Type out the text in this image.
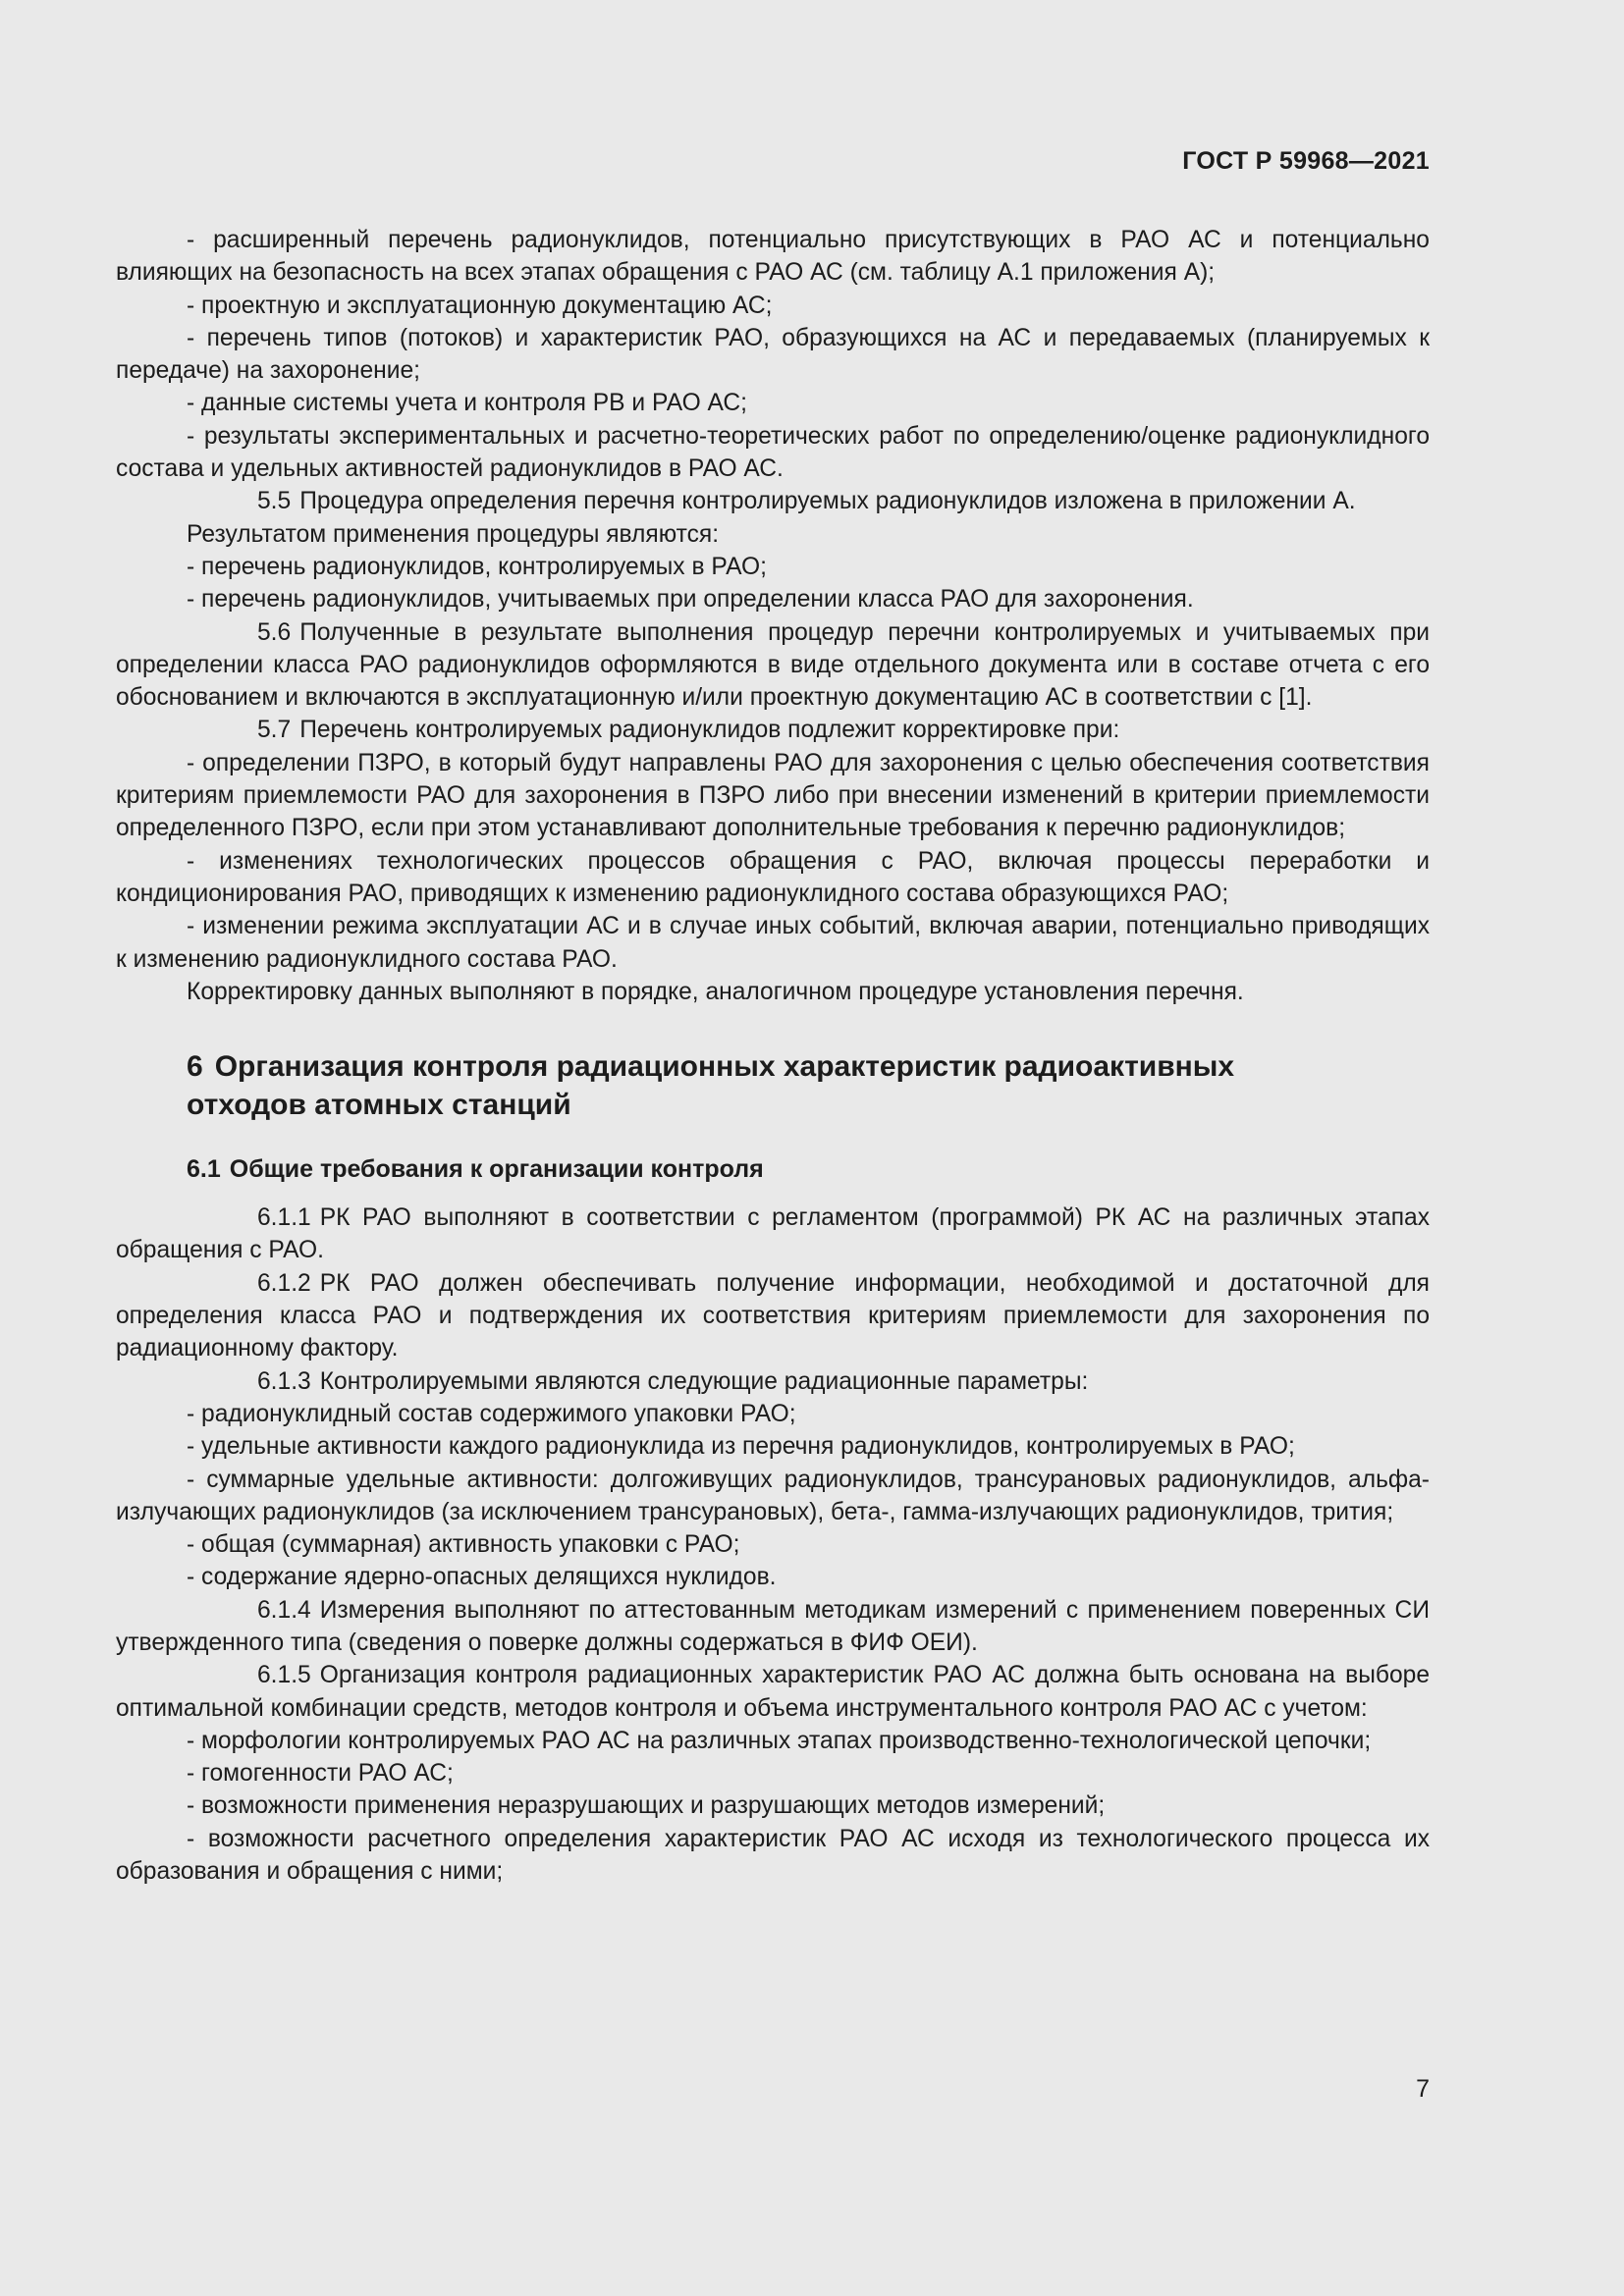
ГОСТ Р 59968—2021

- расширенный перечень радионуклидов, потенциально присутствующих в РАО АС и потенциально влияющих на безопасность на всех этапах обращения с РАО АС (см. таблицу А.1 приложения А);

- проектную и эксплуатационную документацию АС;

- перечень типов (потоков) и характеристик РАО, образующихся на АС и передаваемых (планируемых к передаче) на захоронение;

- данные системы учета и контроля РВ и РАО АС;

- результаты экспериментальных и расчетно-теоретических работ по определению/оценке радионуклидного состава и удельных активностей радионуклидов в РАО АС.

5.5 Процедура определения перечня контролируемых радионуклидов изложена в приложении А.

Результатом применения процедуры являются:

- перечень радионуклидов, контролируемых в РАО;

- перечень радионуклидов, учитываемых при определении класса РАО для захоронения.

5.6 Полученные в результате выполнения процедур перечни контролируемых и учитываемых при определении класса РАО радионуклидов оформляются в виде отдельного документа или в составе отчета с его обоснованием и включаются в эксплуатационную и/или проектную документацию АС в соответствии с [1].

5.7 Перечень контролируемых радионуклидов подлежит корректировке при:

- определении ПЗРО, в который будут направлены РАО для захоронения с целью обеспечения соответствия критериям приемлемости РАО для захоронения в ПЗРО либо при внесении изменений в критерии приемлемости определенного ПЗРО, если при этом устанавливают дополнительные требования к перечню радионуклидов;

- изменениях технологических процессов обращения с РАО, включая процессы переработки и кондиционирования РАО, приводящих к изменению радионуклидного состава образующихся РАО;

- изменении режима эксплуатации АС и в случае иных событий, включая аварии, потенциально приводящих к изменению радионуклидного состава РАО.

Корректировку данных выполняют в порядке, аналогичном процедуре установления перечня.

6 Организация контроля радиационных характеристик радиоактивных
отходов атомных станций
6.1 Общие требования к организации контроля

6.1.1 РК РАО выполняют в соответствии с регламентом (программой) РК АС на различных этапах обращения с РАО.

6.1.2 РК РАО должен обеспечивать получение информации, необходимой и достаточной для определения класса РАО и подтверждения их соответствия критериям приемлемости для захоронения по радиационному фактору.

6.1.3 Контролируемыми являются следующие радиационные параметры:

- радионуклидный состав содержимого упаковки РАО;

- удельные активности каждого радионуклида из перечня радионуклидов, контролируемых в РАО;

- суммарные удельные активности: долгоживущих радионуклидов, трансурановых радионуклидов, альфа-излучающих радионуклидов (за исключением трансурановых), бета-, гамма-излучающих радионуклидов, трития;

- общая (суммарная) активность упаковки с РАО;

- содержание ядерно-опасных делящихся нуклидов.

6.1.4 Измерения выполняют по аттестованным методикам измерений с применением поверенных СИ утвержденного типа (сведения о поверке должны содержаться в ФИФ ОЕИ).

6.1.5 Организация контроля радиационных характеристик РАО АС должна быть основана на выборе оптимальной комбинации средств, методов контроля и объема инструментального контроля РАО АС с учетом:

- морфологии контролируемых РАО АС на различных этапах производственно-технологической цепочки;

- гомогенности РАО АС;

- возможности применения неразрушающих и разрушающих методов измерений;

- возможности расчетного определения характеристик РАО АС исходя из технологического процесса их образования и обращения с ними;

7
